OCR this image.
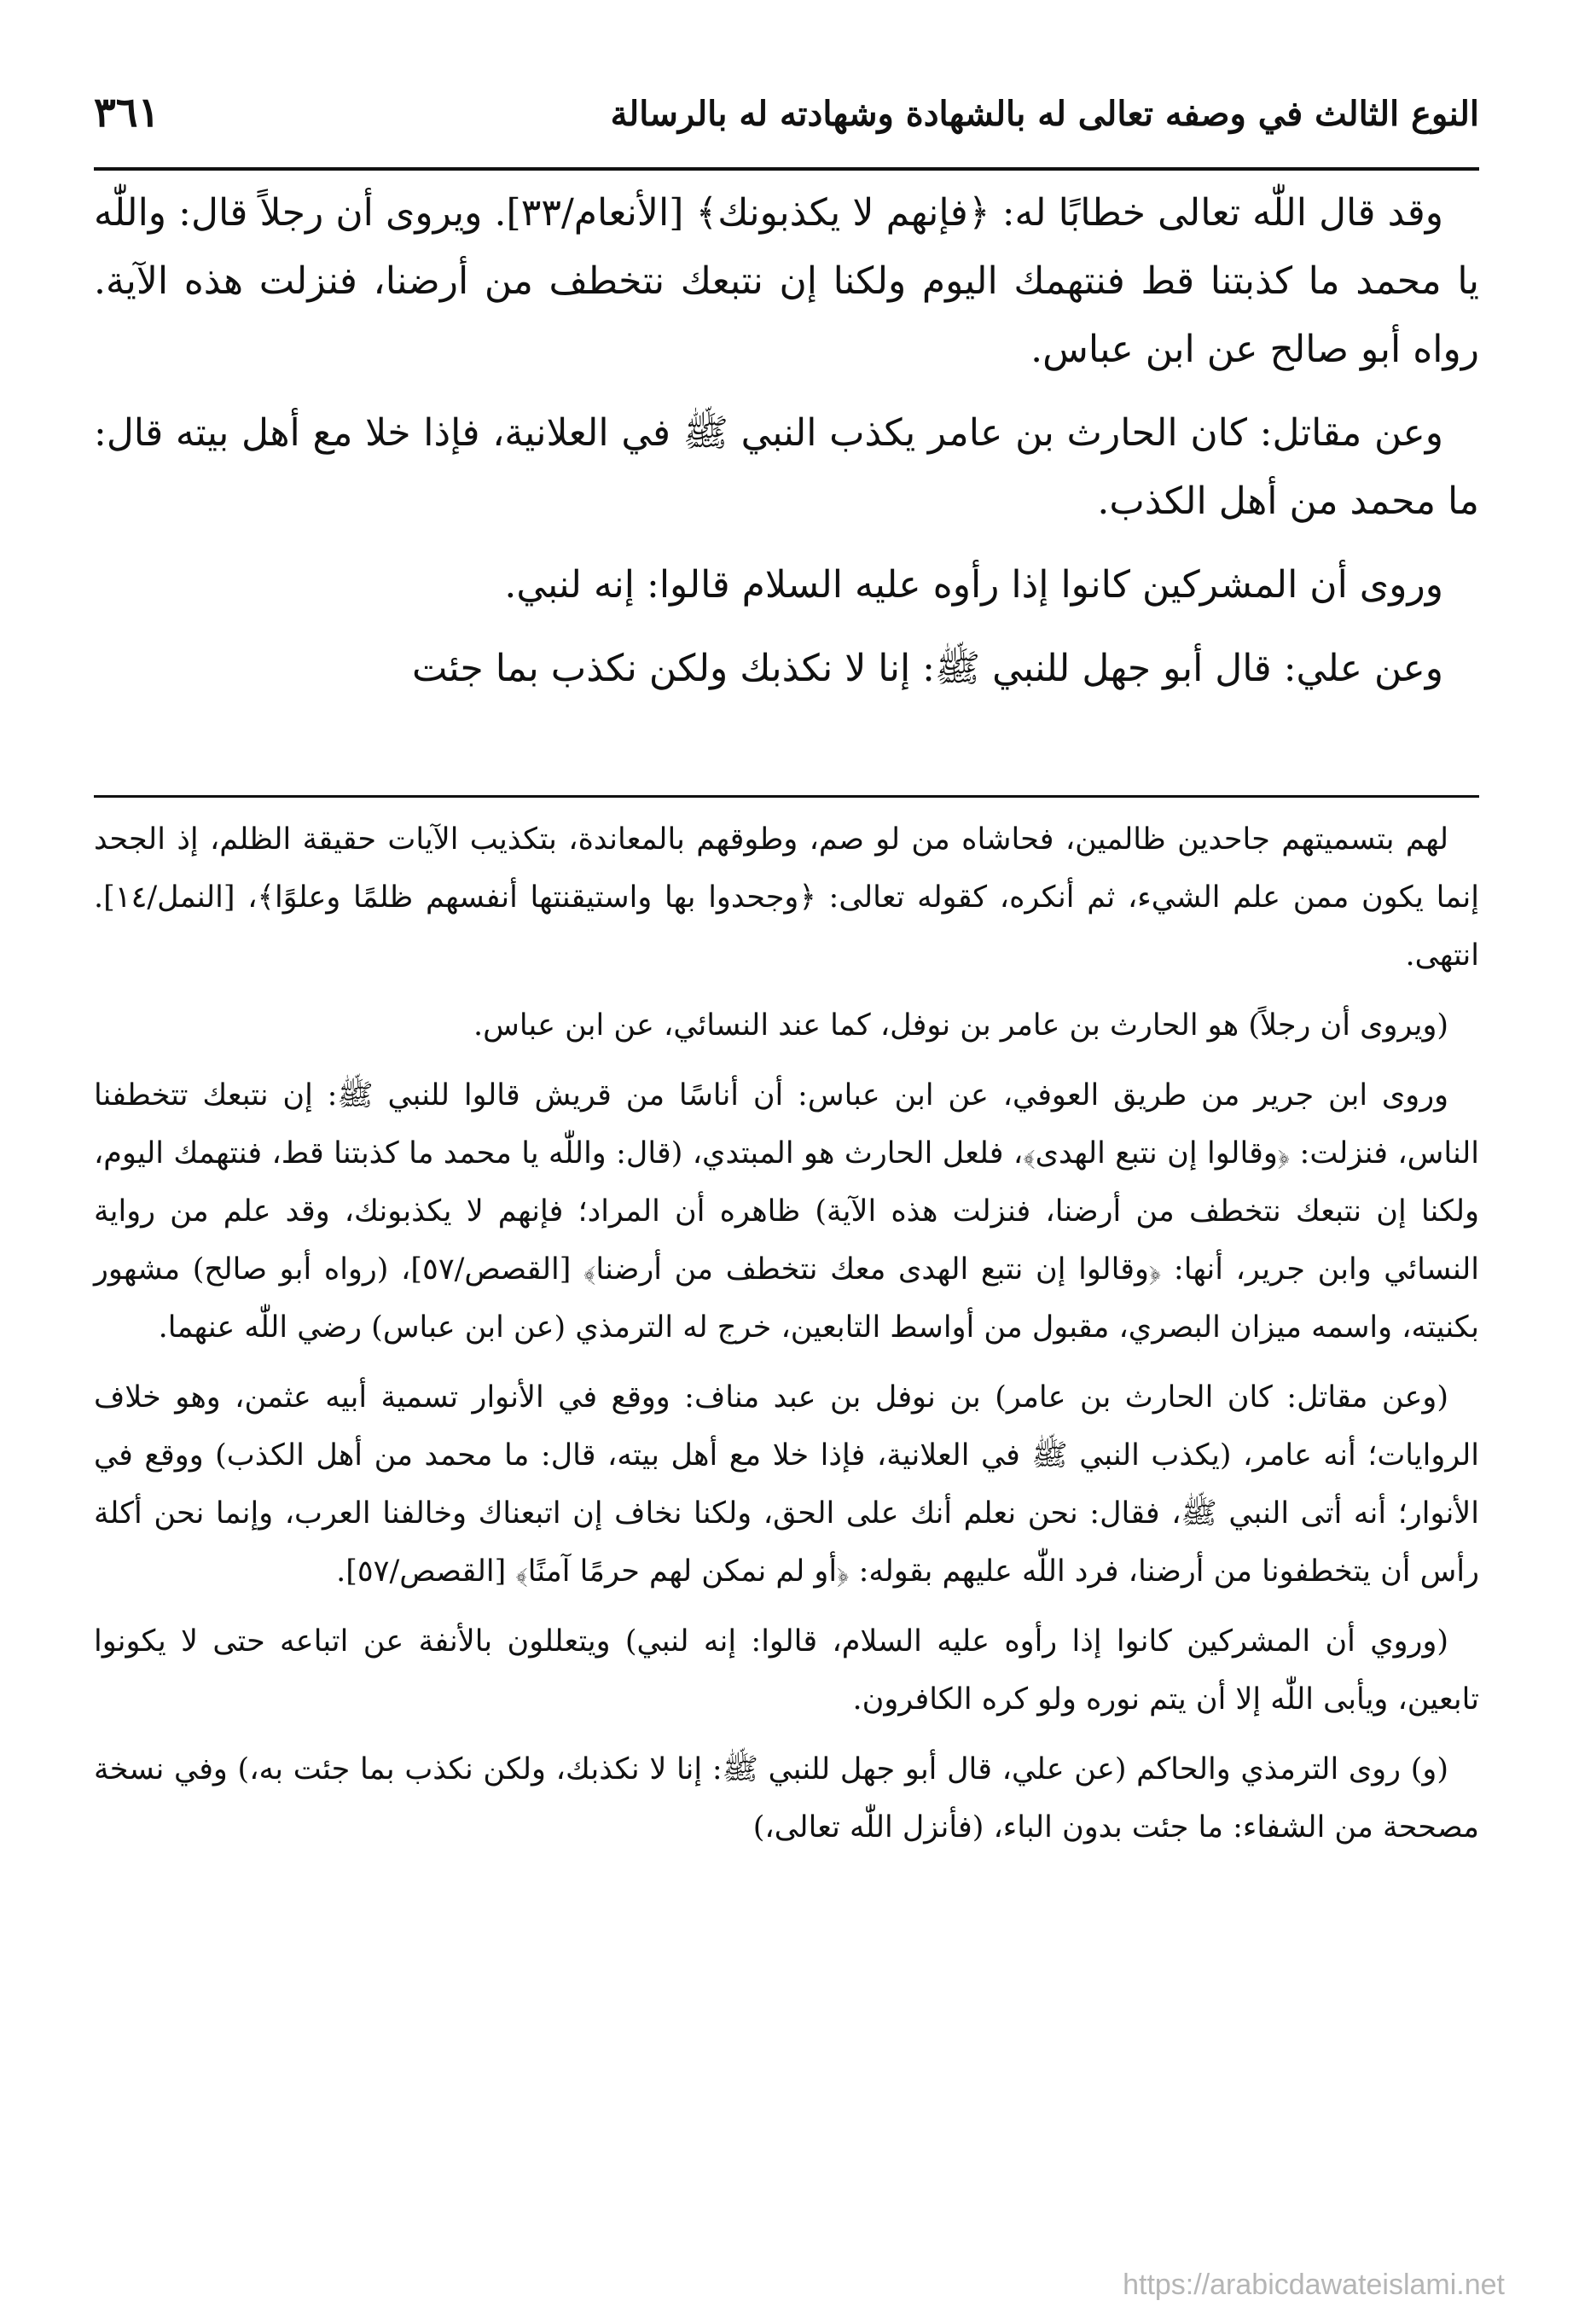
النوع الثالث في وصفه تعالى له بالشهادة وشهادته له بالرسالة
٣٦١

وقد قال اللّٰه تعالى خطابًا له: ﴿فإنهم لا يكذبونك﴾ [الأنعام/٣٣]. ويروى أن رجلاً قال: واللّٰه يا محمد ما كذبتنا قط فنتهمك اليوم ولكنا إن نتبعك نتخطف من أرضنا، فنزلت هذه الآية. رواه أبو صالح عن ابن عباس.

وعن مقاتل: كان الحارث بن عامر يكذب النبي ﷺ في العلانية، فإذا خلا مع أهل بيته قال: ما محمد من أهل الكذب.

وروى أن المشركين كانوا إذا رأوه عليه السلام قالوا: إنه لنبي.

وعن علي: قال أبو جهل للنبي ﷺ: إنا لا نكذبك ولكن نكذب بما جئت

لهم بتسميتهم جاحدين ظالمين، فحاشاه من لو صم، وطوقهم بالمعاندة، بتكذيب الآيات حقيقة الظلم، إذ الجحد إنما يكون ممن علم الشيء، ثم أنكره، كقوله تعالى: ﴿وجحدوا بها واستيقنتها أنفسهم ظلمًا وعلوًا﴾، [النمل/١٤]. انتهى.

(ويروى أن رجلاً) هو الحارث بن عامر بن نوفل، كما عند النسائي، عن ابن عباس.

وروى ابن جرير من طريق العوفي، عن ابن عباس: أن أناسًا من قريش قالوا للنبي ﷺ: إن نتبعك تتخطفنا الناس، فنزلت: ﴿وقالوا إن نتبع الهدى﴾، فلعل الحارث هو المبتدي، (قال: واللّٰه يا محمد ما كذبتنا قط، فنتهمك اليوم، ولكنا إن نتبعك نتخطف من أرضنا، فنزلت هذه الآية) ظاهره أن المراد؛ فإنهم لا يكذبونك، وقد علم من رواية النسائي وابن جرير، أنها: ﴿وقالوا إن نتبع الهدى معك نتخطف من أرضنا﴾ [القصص/٥٧]، (رواه أبو صالح) مشهور بكنيته، واسمه ميزان البصري، مقبول من أواسط التابعين، خرج له الترمذي (عن ابن عباس) رضي اللّٰه عنهما.

(وعن مقاتل: كان الحارث بن عامر) بن نوفل بن عبد مناف: ووقع في الأنوار تسمية أبيه عثمن، وهو خلاف الروايات؛ أنه عامر، (يكذب النبي ﷺ في العلانية، فإذا خلا مع أهل بيته، قال: ما محمد من أهل الكذب) ووقع في الأنوار؛ أنه أتى النبي ﷺ، فقال: نحن نعلم أنك على الحق، ولكنا نخاف إن اتبعناك وخالفنا العرب، وإنما نحن أكلة رأس أن يتخطفونا من أرضنا، فرد اللّٰه عليهم بقوله: ﴿أو لم نمكن لهم حرمًا آمنًا﴾ [القصص/٥٧].

(وروي أن المشركين كانوا إذا رأوه عليه السلام، قالوا: إنه لنبي) ويتعللون بالأنفة عن اتباعه حتى لا يكونوا تابعين، ويأبى اللّٰه إلا أن يتم نوره ولو كره الكافرون.

(و) روى الترمذي والحاكم (عن علي، قال أبو جهل للنبي ﷺ: إنا لا نكذبك، ولكن نكذب بما جئت به،) وفي نسخة مصححة من الشفاء: ما جئت بدون الباء، (فأنزل اللّٰه تعالى،)

https://arabicdawateislami.net
